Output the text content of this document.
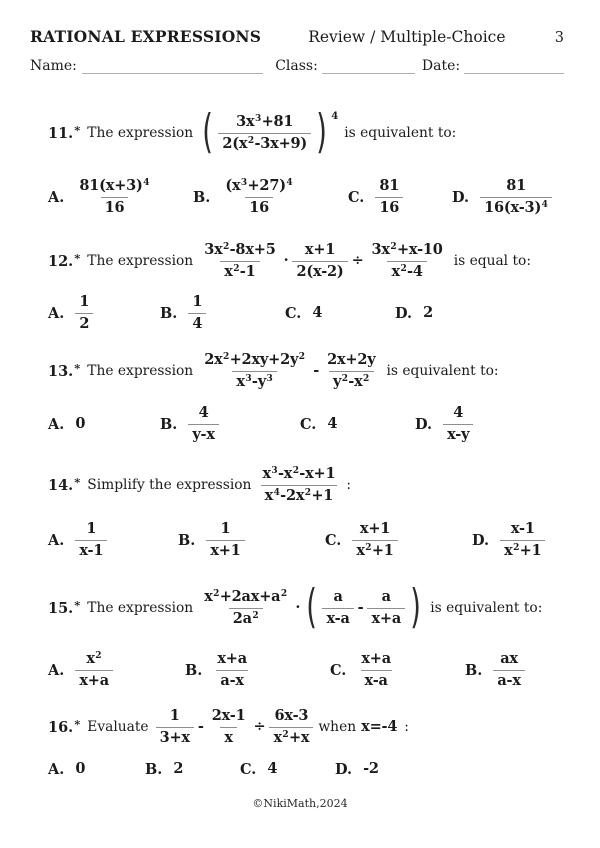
RATIONAL EXPRESSIONS	Review / Multiple-Choice	3
Name:	Class:	Date:
11. * The expression ( $\frac{3x^3+81}{2(x^2-3x+9)}$ ) 4
is equivalent to:
A. $\frac{81(x+3)^4}{16}$	B. $\frac{(x^3+27)^4}{16}$	C. $\frac{81}{16}$	D. $\frac{81}{16(x-3)^4}$
12. * The expression $\frac{3x^2-8x+5}{x^2-1} \cdot \frac{x+1}{2(x-2)} \div \frac{3x^2+x-10}{x^2-4}$ is equal to:
A. $\frac{1}{2}$	B. $\frac{1}{4}$	C. 4	D. 2
13. * The expression $\frac{2x^2+2xy+2y^2}{x^3-y^3} - \frac{2x+2y}{y^2-x^2}$ is equivalent to:
A. 0	B. $\frac{4}{y-x}$	C. 4	D. $\frac{4}{x-y}$
14. * Simplify the expression $\frac{x^3-x^2-x+1}{x^4-2x^2+1}$ :
A. $\frac{1}{x-1}$	B. $\frac{1}{x+1}$	C. $\frac{x+1}{x^2+1}$	D. $\frac{x-1}{x^2+1}$
15. * The expression $\frac{x^2+2ax+a^2}{2a^2}$ · ( $\frac{a}{x-a} - \frac{a}{x+a}$ ) is equivalent to:
A. $\frac{x^2}{x+a}$	B. $\frac{x+a}{a-x}$	C. $\frac{x+a}{x-a}$	B. $\frac{ax}{a-x}$
16. * Evaluate $\frac{1}{3+x} - \frac{2x-1}{x} \div \frac{6x-3}{x^2+x}$ when x=-4 :
A. 0	B. 2	C. 4	D. -2
©NikiMath,2024
